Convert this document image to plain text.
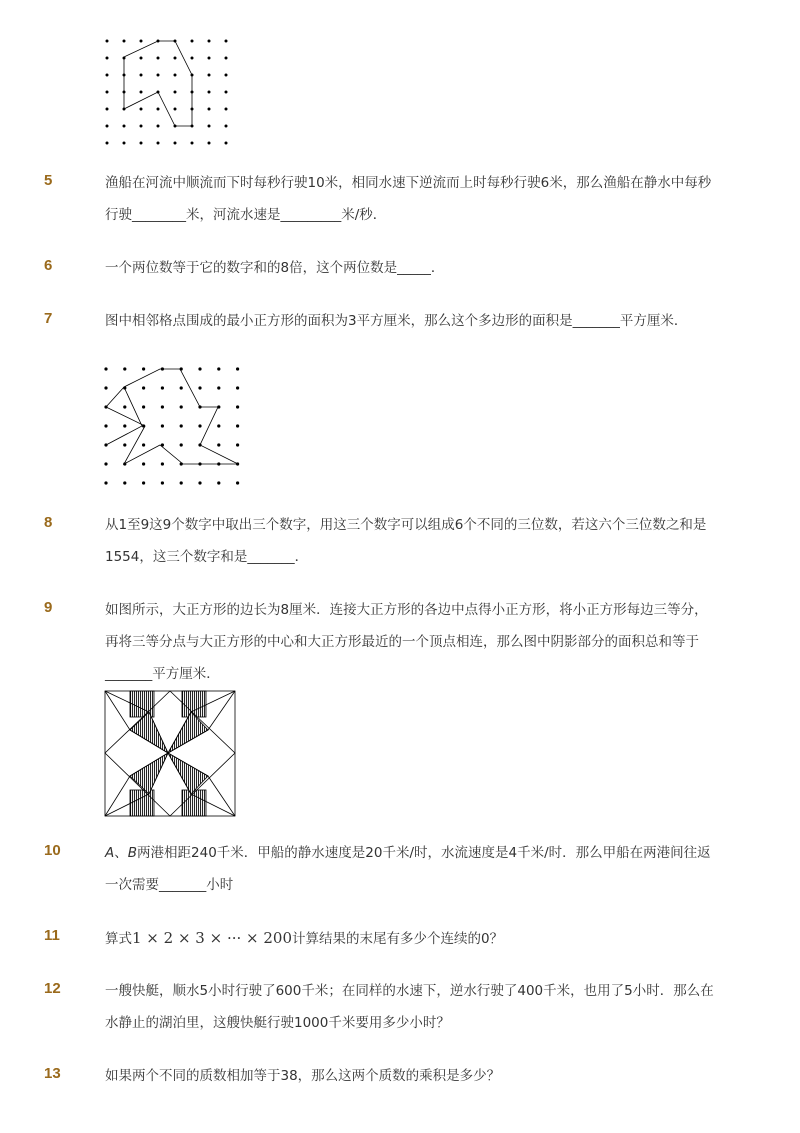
5	渔船在河流中顺流而下时每秒行驶10米，相同水速下逆流而上时每秒行驶6米，那么渔船在静水中每秒行驶________米，河流水速是_________米/秒．
6	一个两位数等于它的数字和的8倍，这个两位数是_____．
7	图中相邻格点围成的最小正方形的面积为3平方厘米，那么这个多边形的面积是_______平方厘米．
8	从1至9这9个数字中取出三个数字，用这三个数字可以组成6个不同的三位数，若这六个三位数之和是1554，这三个数字和是_______．
9	如图所示，大正方形的边长为8厘米．连接大正方形的各边中点得小正方形，将小正方形每边三等分，再将三等分点与大正方形的中心和大正方形最近的一个顶点相连，那么图中阴影部分的面积总和等于_______平方厘米．
10	A、B两港相距240千米．甲船的静水速度是20千米/时，水流速度是4千米/时．那么甲船在两港间往返一次需要_______小时
11	算式1 × 2 × 3 × ··· × 200计算结果的末尾有多少个连续的0？
12	一艘快艇，顺水5小时行驶了600千米；在同样的水速下，逆水行驶了400千米，也用了5小时．那么在水静止的湖泊里，这艘快艇行驶1000千米要用多少小时？
13	如果两个不同的质数相加等于38，那么这两个质数的乘积是多少？
